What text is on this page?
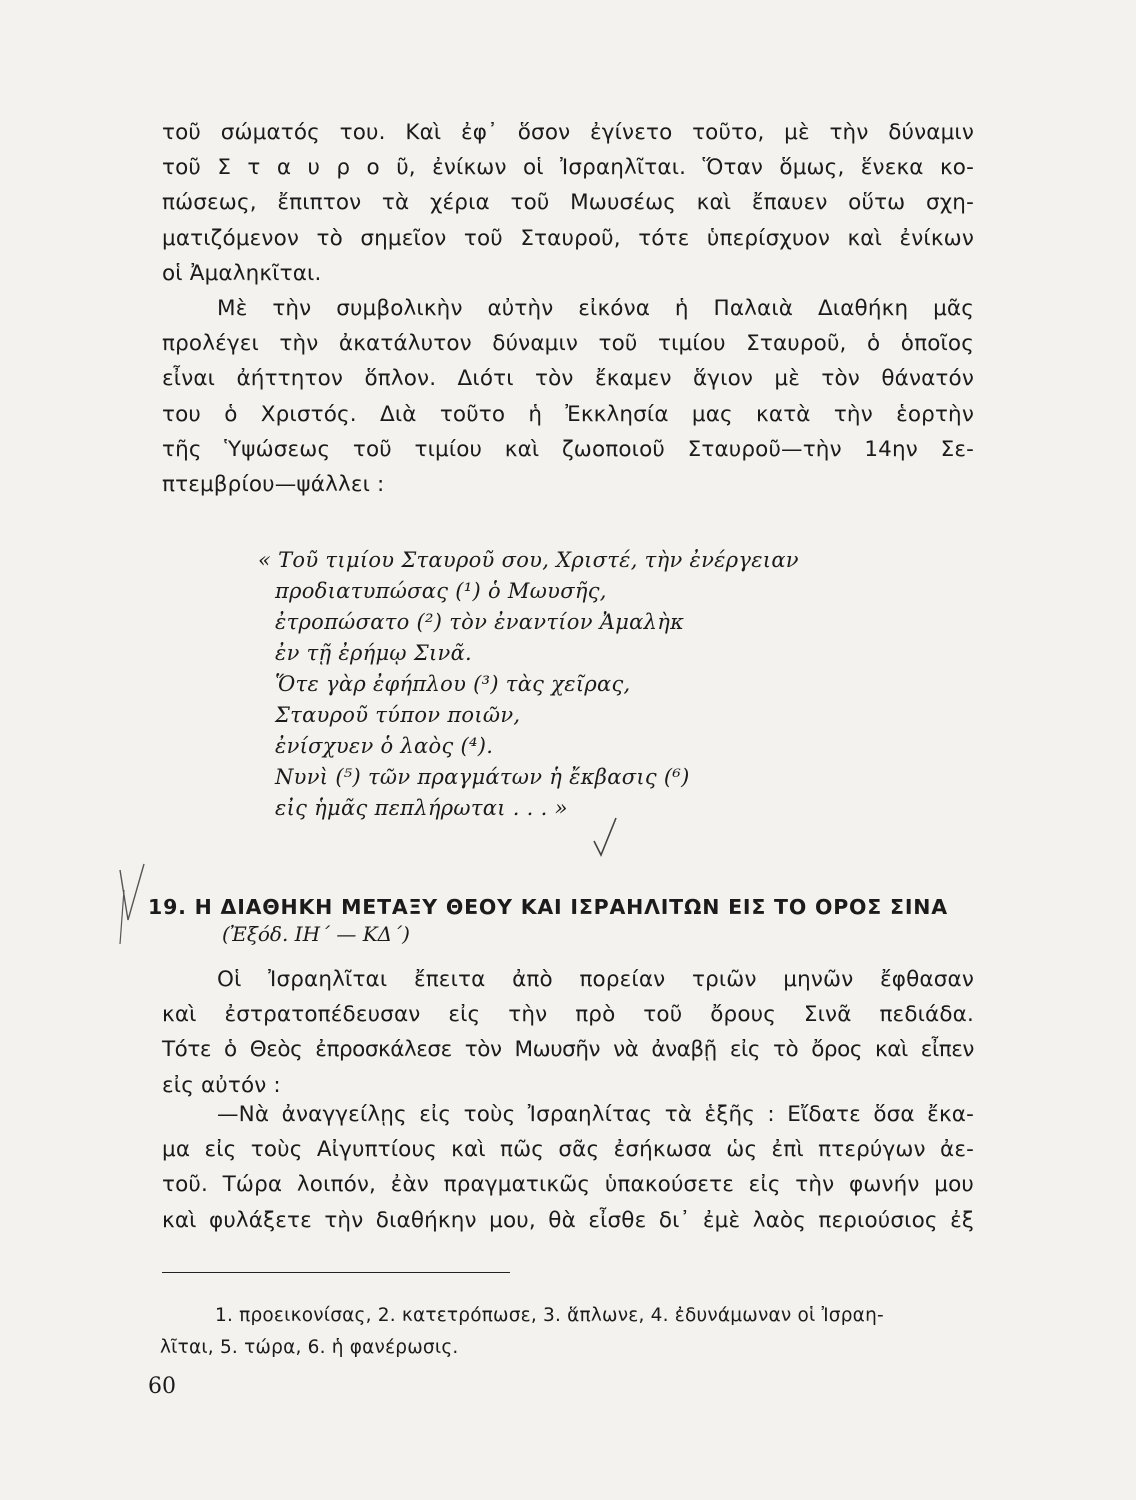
τοῦ σώματός του. Καὶ ἐφ᾽ ὅσον ἐγίνετο τοῦτο, μὲ τὴν δύναμιν
τοῦ Σ τ α υ ρ ο ῦ, ἐνίκων οἱ Ἰσραηλῖται. Ὅταν ὅμως, ἕνεκα κο-
πώσεως, ἔπιπτον τὰ χέρια τοῦ Μωυσέως καὶ ἔπαυεν οὕτω σχη-
ματιζόμενον τὸ σημεῖον τοῦ Σταυροῦ, τότε ὑπερίσχυον καὶ ἐνίκων
οἱ Ἀμαληκῖται.
Μὲ τὴν συμβολικὴν αὐτὴν εἰκόνα ἡ Παλαιὰ Διαθήκη μᾶς
προλέγει τὴν ἀκατάλυτον δύναμιν τοῦ τιμίου Σταυροῦ, ὁ ὁποῖος
εἶναι ἀήττητον ὅπλον. Διότι τὸν ἔκαμεν ἅγιον μὲ τὸν θάνατόν
του ὁ Χριστός. Διὰ τοῦτο ἡ Ἐκκλησία μας κατὰ τὴν ἑορτὴν
τῆς Ὑψώσεως τοῦ τιμίου καὶ ζωοποιοῦ Σταυροῦ—τὴν 14ην Σε-
πτεμβρίου—ψάλλει :
« Τοῦ τιμίου Σταυροῦ σου, Χριστέ, τὴν ἐνέργειαν
προδιατυπώσας (¹) ὁ Μωυσῆς,
ἐτροπώσατο (²) τὸν ἐναντίον Ἀμαλὴκ
ἐν τῇ ἐρήμῳ Σινᾶ.
Ὅτε γὰρ ἐφήπλου (³) τὰς χεῖρας,
Σταυροῦ τύπον ποιῶν,
ἐνίσχυεν ὁ λαὸς (⁴).
Νυνὶ (⁵) τῶν πραγμάτων ἡ ἔκβασις (⁶)
εἰς ἡμᾶς πεπλήρωται . . . »
19. Η ΔΙΑΘΗΚΗ ΜΕΤΑΞΥ ΘΕΟΥ ΚΑΙ ΙΣΡΑΗΛΙΤΩΝ ΕΙΣ ΤΟ ΟΡΟΣ ΣΙΝΑ
(Ἐξόδ. ΙΗ΄ — ΚΔ΄)
Οἱ Ἰσραηλῖται ἔπειτα ἀπὸ πορείαν τριῶν μηνῶν ἔφθασαν
καὶ ἐστρατοπέδευσαν εἰς τὴν πρὸ τοῦ ὄρους Σινᾶ πεδιάδα.
Τότε ὁ Θεὸς ἐπροσκάλεσε τὸν Μωυσῆν νὰ ἀναβῇ εἰς τὸ ὄρος καὶ εἶπεν
εἰς αὐτόν :
—Νὰ ἀναγγείλῃς εἰς τοὺς Ἰσραηλίτας τὰ ἑξῆς : Εἴδατε ὅσα ἔκα-
μα εἰς τοὺς Αἰγυπτίους καὶ πῶς σᾶς ἐσήκωσα ὡς ἐπὶ πτερύγων ἀε-
τοῦ. Τώρα λοιπόν, ἐὰν πραγματικῶς ὑπακούσετε εἰς τὴν φωνήν μου
καὶ φυλάξετε τὴν διαθήκην μου, θὰ εἶσθε δι᾽ ἐμὲ λαὸς περιούσιος ἐξ
1. προεικονίσας, 2. κατετρόπωσε, 3. ἅπλωνε, 4. ἐδυνάμωναν οἱ Ἰσραη-
λῖται, 5. τώρα, 6. ἡ φανέρωσις.
60
